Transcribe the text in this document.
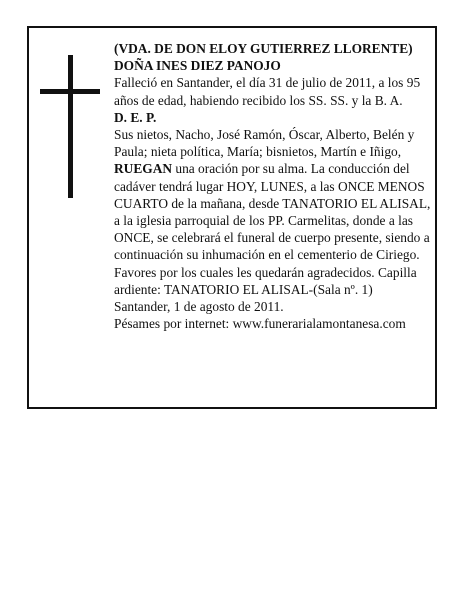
(VDA. DE DON ELOY GUTIERREZ LLORENTE)

DOÑA INES DIEZ PANOJO

Falleció en Santander, el día 31 de julio de 2011, a los 95 años de edad, habiendo recibido los SS. SS. y la B. A.

D. E. P.

Sus nietos, Nacho, José Ramón, Óscar, Alberto, Belén y Paula; nieta política, María; bisnietos, Martín e Iñigo,

RUEGAN una oración por su alma. La conducción del cadáver tendrá lugar HOY, LUNES, a las ONCE MENOS CUARTO de la mañana, desde TANATORIO EL ALISAL, a la iglesia parroquial de los PP. Carmelitas, donde a las ONCE, se celebrará el funeral de cuerpo presente, siendo a continuación su inhumación en el cementerio de Ciriego. Favores por los cuales les quedarán agradecidos. Capilla ardiente: TANATORIO EL ALISAL-(Sala nº. 1)

Santander, 1 de agosto de 2011.

Pésames por internet: www.funerarialamontanesa.com
